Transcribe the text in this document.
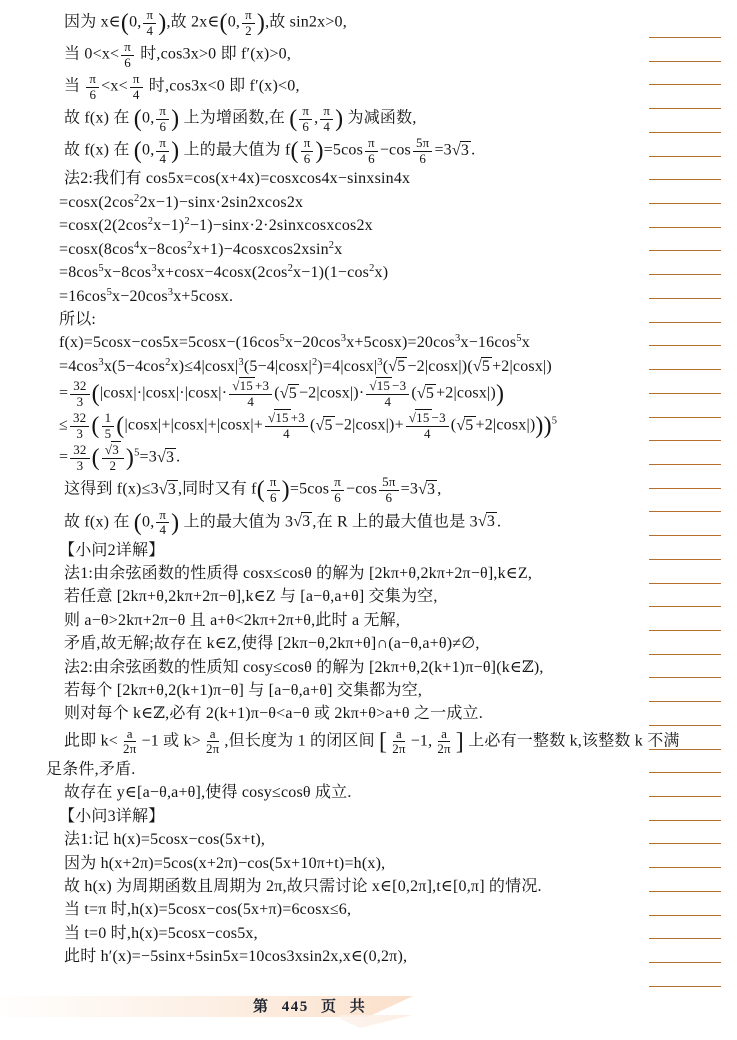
因为 x∈(0, $\frac{\pi}{4}$ ),故 2x∈(0, $\frac{\pi}{2}$ ),故 sin2x>0,
当 $0<x< \frac{\pi}{6}$ 时,cos3x>0 即 f′(x)>0,
当 $\frac{\pi}{6} <x< \frac{\pi}{4}$ 时,cos3x<0 即 f′(x)<0,
故 f(x) 在 (0, $\frac{\pi}{6}$ ) 上为增函数,在 ( $\frac{\pi}{6}$ , $\frac{\pi}{4}$ ) 为减函数,
故 f(x) 在 (0, $\frac{\pi}{4}$ ) 上的最大值为 $f( \frac{\pi}{6} )=5\cos \frac{\pi}{6} -\cos \frac{5\pi}{6} =3√3$ .
法2:我们有 cos5x=cos(x+4x)=cosxcos4x−sinxsin4x
$=\cos x(2\cos^22x-1)-\sin x\cdot 2\sin 2xcos2x$
$=\cos x(2(2\cos^2x-1)^2-1)-\sin x\cdot 2\cdot 2sinxcosxcos2x$
$=\cos x(8\cos^4x-8\cos^2x+1)-4cosxcos2xsin^2x$
$=8\cos^5x-8\cos^3x+\cos x-4\cos x(2\cos^2x-1)(1-\cos^2x)$
$=16\cos^5x-20\cos^3x+5\cos x$.
所以:
$f(x)=5\cos x-\cos 5x=5\cos x-(16\cos^5x-20\cos^3x+5\cos x)=20\cos^3x-16\cos^5x$
$=4\cos^3x(5-4\cos^2x)\le 4|\cos x|^3(5-4|\cos x|^2)=4|\cos x|^3(√5 -2|\cos x|)(√5 +2|\cos x|)$
= $\frac{32}{3} (|\cos x|\cdot|\cos x|\cdot|\cos x|\cdot \frac{√15 +3}{4} (√5 -2|\cos x|)\cdot \frac{√15 -3}{4} (√5 +2|\cos x|))$
≤ $\frac{32}{3}$ ( $\frac{1}{5} (|\cos x|+|\cos x|+|\cos x|+ \frac{√15 +3}{4} (√5 -2|\cos x|)+ \frac{√15 -3}{4} (√5 +2|\cos x|)))^5$
= $\frac{32}{3}$ ( $\frac{√3}{2} )^5=3√3$ .
这得到 f(x)≤3√3 ,同时又有 $f( \frac{\pi}{6} )=5\cos \frac{\pi}{6} -\cos \frac{5\pi}{6} =3√3$ ,
故 f(x) 在 (0, $\frac{\pi}{4}$ ) 上的最大值为 3√3 ,在 R 上的最大值也是 3√3 .
【小问2详解】
法1:由余弦函数的性质得 cosx≤cosθ 的解为 [2kπ+θ,2kπ+2π−θ],k∈Z,
若任意 [2kπ+θ,2kπ+2π−θ],k∈Z 与 [a−θ,a+θ] 交集为空,
则 a−θ>2kπ+2π−θ 且 a+θ<2kπ+2π+θ,此时 a 无解,
矛盾,故无解;故存在 k∈Z,使得 [2kπ−θ,2kπ+θ]∩(a−θ,a+θ)≠∅,
法2:由余弦函数的性质知 cosy≤cosθ 的解为 [2kπ+θ,2(k+1)π−θ](k∈ℤ),
若每个 [2kπ+θ,2(k+1)π−θ] 与 [a−θ,a+θ] 交集都为空,
则对每个 k∈ℤ,必有 2(k+1)π−θ<a−θ 或 2kπ+θ>a+θ 之一成立.
此即 $k< \frac{a}{2\pi} -1$ 或 $k> \frac{a}{2\pi}$ ,但长度为 1 的闭区间 [ $\frac{a}{2\pi} -1$, $\frac{a}{2\pi}$ ] 上必有一整数 k,该整数 k 不满
足条件,矛盾.
故存在 y∈[a−θ,a+θ],使得 cosy≤cosθ 成立.
【小问3详解】
法1:记 h(x)=5cosx−cos(5x+t),
因为 h(x+2π)=5cos(x+2π)−cos(5x+10π+t)=h(x),
故 h(x) 为周期函数且周期为 2π,故只需讨论 x∈[0,2π],t∈[0,π] 的情况.
当 t=π 时,h(x)=5cosx−cos(5x+π)=6cosx≤6,
当 t=0 时,h(x)=5cosx−cos5x,
此时 h′(x)=−5sinx+5sin5x=10cos3xsin2x,x∈(0,2π),
第 445 页 共
